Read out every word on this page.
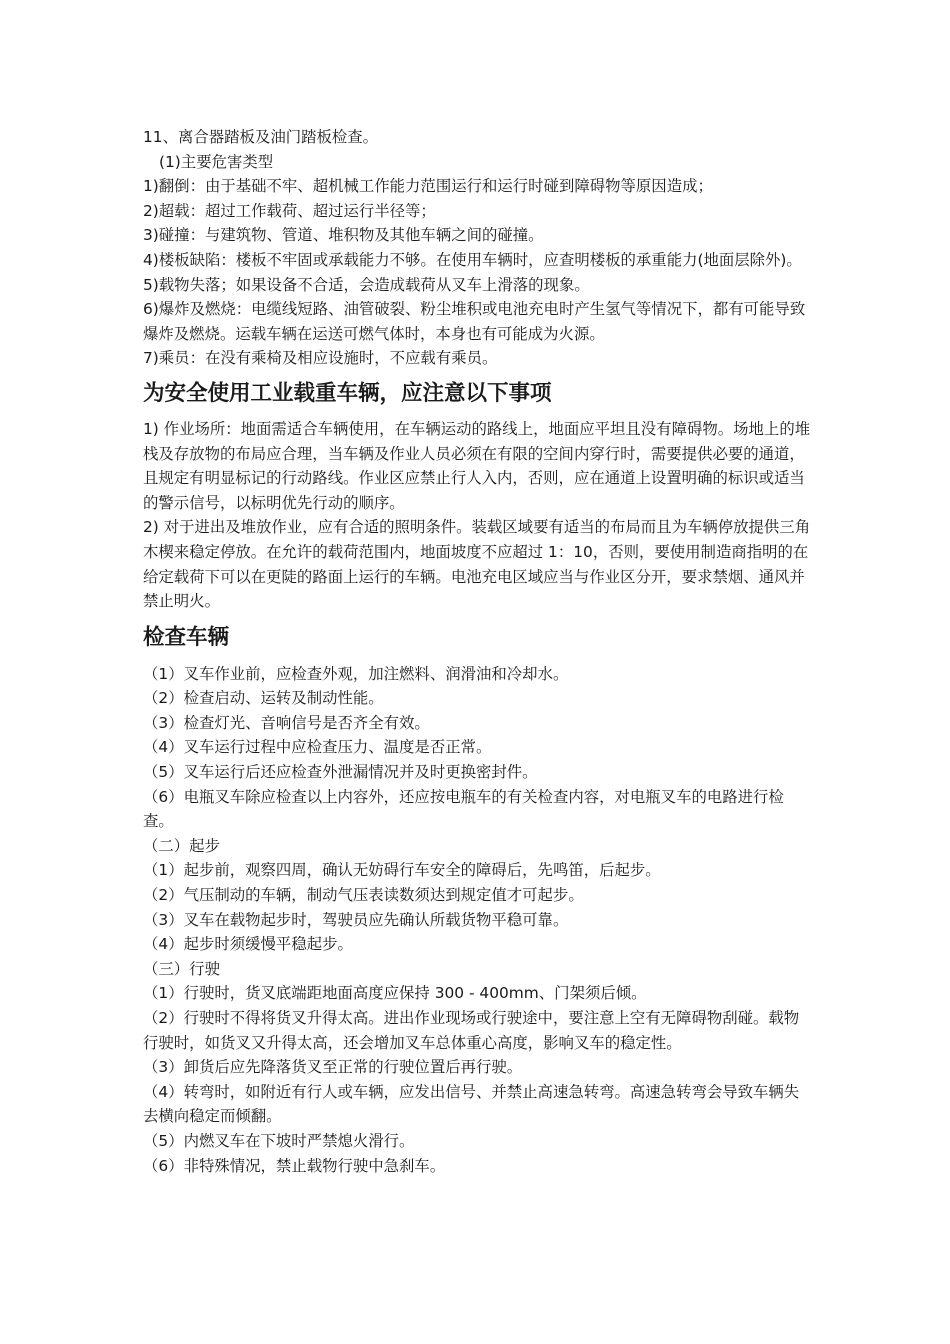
11、离合器踏板及油门踏板检查。

(1)主要危害类型

1)翻倒：由于基础不牢、超机械工作能力范围运行和运行时碰到障碍物等原因造成；

2)超载：超过工作载荷、超过运行半径等；

3)碰撞：与建筑物、管道、堆积物及其他车辆之间的碰撞。

4)楼板缺陷：楼板不牢固或承载能力不够。在使用车辆时，应查明楼板的承重能力(地面层除外)。

5)载物失落；如果设备不合适，会造成载荷从叉车上滑落的现象。

6)爆炸及燃烧：电缆线短路、油管破裂、粉尘堆积或电池充电时产生氢气等情况下，都有可能导致爆炸及燃烧。运载车辆在运送可燃气体时，本身也有可能成为火源。

7)乘员：在没有乘椅及相应设施时，不应载有乘员。

为安全使用工业载重车辆，应注意以下事项

1) 作业场所：地面需适合车辆使用，在车辆运动的路线上，地面应平坦且没有障碍物。场地上的堆栈及存放物的布局应合理，当车辆及作业人员必须在有限的空间内穿行时，需要提供必要的通道，且规定有明显标记的行动路线。作业区应禁止行人入内，否则，应在通道上设置明确的标识或适当的警示信号，以标明优先行动的顺序。

2) 对于进出及堆放作业，应有合适的照明条件。装载区域要有适当的布局而且为车辆停放提供三角木楔来稳定停放。在允许的载荷范围内，地面坡度不应超过 1：10，否则，要使用制造商指明的在给定载荷下可以在更陡的路面上运行的车辆。电池充电区域应当与作业区分开，要求禁烟、通风并禁止明火。

检查车辆

（1）叉车作业前，应检查外观，加注燃料、润滑油和冷却水。

（2）检查启动、运转及制动性能。

（3）检查灯光、音响信号是否齐全有效。

（4）叉车运行过程中应检查压力、温度是否正常。

（5）叉车运行后还应检查外泄漏情况并及时更换密封件。

（6）电瓶叉车除应检查以上内容外，还应按电瓶车的有关检查内容，对电瓶叉车的电路进行检查。

（二）起步

（1）起步前，观察四周，确认无妨碍行车安全的障碍后，先鸣笛，后起步。

（2）气压制动的车辆，制动气压表读数须达到规定值才可起步。

（3）叉车在载物起步时，驾驶员应先确认所载货物平稳可靠。

（4）起步时须缓慢平稳起步。

（三）行驶

（1）行驶时，货叉底端距地面高度应保持 300 - 400mm、门架须后倾。

（2）行驶时不得将货叉升得太高。进出作业现场或行驶途中，要注意上空有无障碍物刮碰。载物行驶时，如货叉又升得太高，还会增加叉车总体重心高度，影响叉车的稳定性。

（3）卸货后应先降落货叉至正常的行驶位置后再行驶。

（4）转弯时，如附近有行人或车辆，应发出信号、并禁止高速急转弯。高速急转弯会导致车辆失去横向稳定而倾翻。

（5）内燃叉车在下坡时严禁熄火滑行。

（6）非特殊情况，禁止载物行驶中急刹车。
